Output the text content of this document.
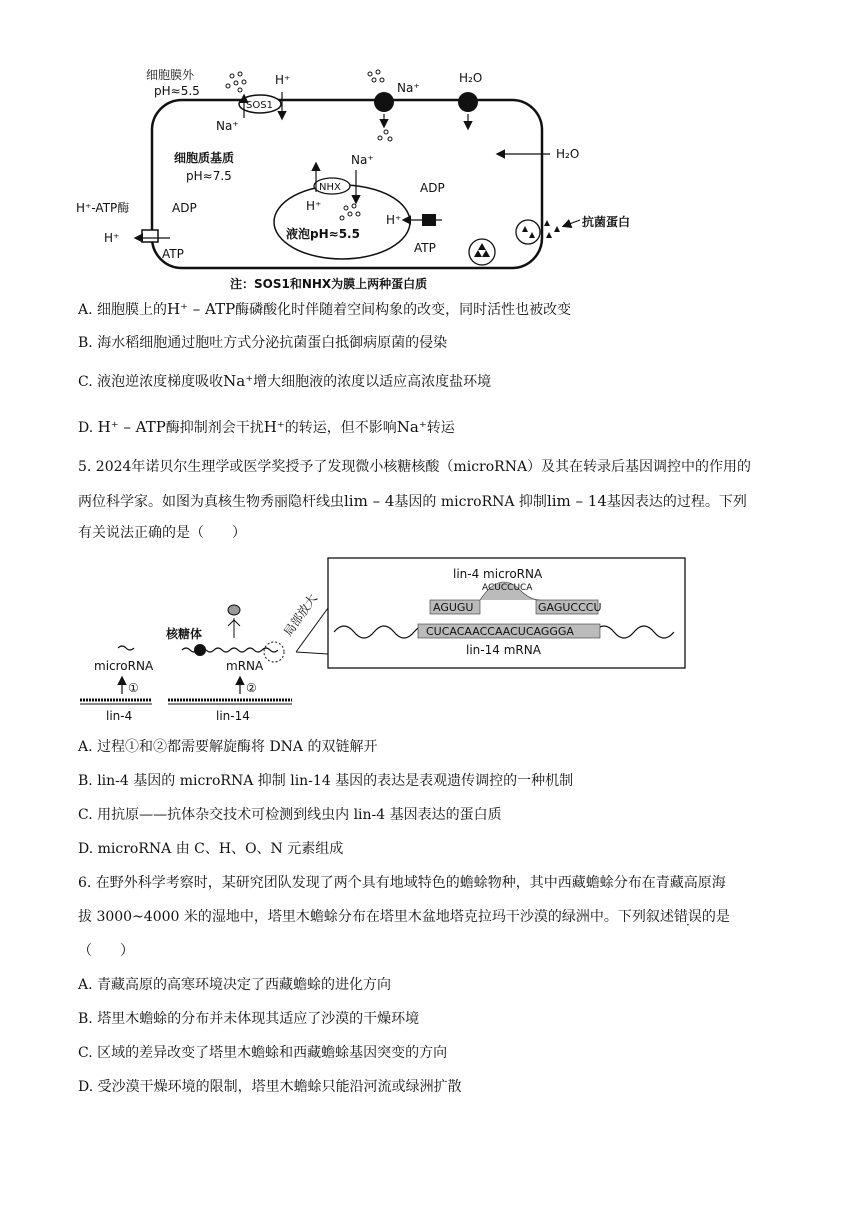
细胞膜外
pH≈5.5
SOS1
H⁺
Na⁺
Na⁺
H₂O
H₂O
细胞质基质
pH≈7.5
H⁺-ATP酶	ADP
H⁺
ATP
NHX
Na⁺
H⁺
液泡pH≈5.5
ADP
H⁺
ATP
抗菌蛋白
注：SOS1和NHX为膜上两种蛋白质
A. 细胞膜上的H⁺ – ATP酶磷酸化时伴随着空间构象的改变，同时活性也被改变
B. 海水稻细胞通过胞吐方式分泌抗菌蛋白抵御病原菌的侵染
C. 液泡逆浓度梯度吸收Na⁺增大细胞液的浓度以适应高浓度盐环境
D. H⁺ – ATP酶抑制剂会干扰H⁺的转运，但不影响Na⁺转运
5. 2024年诺贝尔生理学或医学奖授予了发现微小核糖核酸（microRNA）及其在转录后基因调控中的作用的
两位科学家。如图为真核生物秀丽隐杆线虫lim – 4基因的 microRNA 抑制lim – 14基因表达的过程。下列
有关说法正确的是（　　）
lin-4 microRNA
CUCACAACCAACUCAGGGA
AGUGU
ACUCCUCA
GAGUCCCU
lin-14 mRNA
局部放大
核糖体
microRNA
①
mRNA
②
lin-4	lin-14
A. 过程①和②都需要解旋酶将 DNA 的双链解开
B. lin-4 基因的 microRNA 抑制 lin-14 基因的表达是表观遗传调控的一种机制
C. 用抗原——抗体杂交技术可检测到线虫内 lin-4 基因表达的蛋白质
D. microRNA 由 C、H、O、N 元素组成
6. 在野外科学考察时，某研究团队发现了两个具有地域特色的蟾蜍物种，其中西藏蟾蜍分布在青藏高原海
拔 3000~4000 米的湿地中，塔里木蟾蜍分布在塔里木盆地塔克拉玛干沙漠的绿洲中。下列叙述错误的是
（　　）
A. 青藏高原的高寒环境决定了西藏蟾蜍的进化方向
B. 塔里木蟾蜍的分布并未体现其适应了沙漠的干燥环境
C. 区域的差异改变了塔里木蟾蜍和西藏蟾蜍基因突变的方向
D. 受沙漠干燥环境的限制，塔里木蟾蜍只能沿河流或绿洲扩散
